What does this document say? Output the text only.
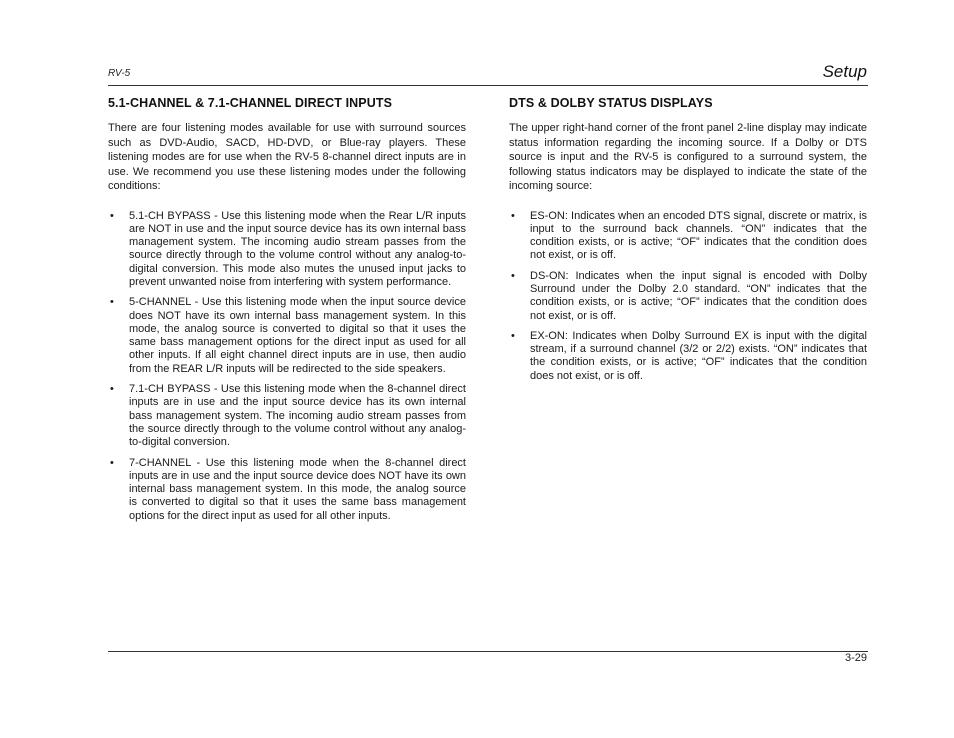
RV-5	Setup
5.1-CHANNEL & 7.1-CHANNEL DIRECT INPUTS

There are four listening modes available for use with surround sources such as DVD-Audio, SACD, HD-DVD, or Blue-ray players. These listening modes are for use when the RV-5 8-channel direct inputs are in use. We recommend you use these listening modes under the following conditions:

• 5.1-CH BYPASS - Use this listening mode when the Rear L/R inputs are NOT in use and the input source device has its own internal bass management system. The incoming audio stream passes from the source directly through to the volume control without any analog-to-digital conversion. This mode also mutes the unused input jacks to prevent unwanted noise from interfering with system performance.
• 5-CHANNEL - Use this listening mode when the input source device does NOT have its own internal bass management system. In this mode, the analog source is converted to digital so that it uses the same bass management options for the direct input as used for all other inputs. If all eight channel direct inputs are in use, then audio from the REAR L/R inputs will be redirected to the side speakers.
• 7.1-CH BYPASS - Use this listening mode when the 8-channel direct inputs are in use and the input source device has its own internal bass management system. The incoming audio stream passes from the source directly through to the volume control without any analog-to-digital conversion.
• 7-CHANNEL - Use this listening mode when the 8-channel direct inputs are in use and the input source device does NOT have its own internal bass management system. In this mode, the analog source is converted to digital so that it uses the same bass management options for the direct input as used for all other inputs.
DTS & DOLBY STATUS DISPLAYS

The upper right-hand corner of the front panel 2-line display may indicate status information regarding the incoming source. If a Dolby or DTS source is input and the RV-5 is configured to a surround system, the following status indicators may be displayed to indicate the state of the incoming source:

• ES-ON: Indicates when an encoded DTS signal, discrete or matrix, is input to the surround back channels. “ON” indicates that the condition exists, or is active; “OF” indicates that the condition does not exist, or is off.
• DS-ON: Indicates when the input signal is encoded with Dolby Surround under the Dolby 2.0 standard. “ON” indicates that the condition exists, or is active; “OF” indicates that the condition does not exist, or is off.
• EX-ON: Indicates when Dolby Surround EX is input with the digital stream, if a surround channel (3/2 or 2/2) exists. “ON” indicates that the condition exists, or is active; “OF” indicates that the condition does not exist, or is off.
3-29
